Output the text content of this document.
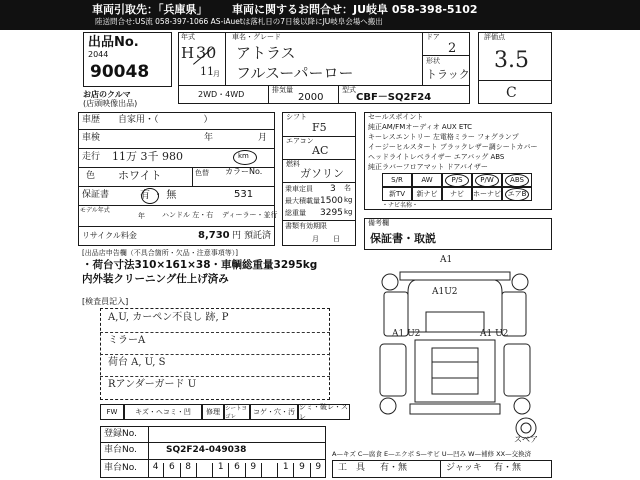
車両引取先：「兵庫県」 車両に関するお問合せ：JU岐阜 058-398-5102
陸送問合せ:US流 058-397-1066 AS-iAuetは落札日の7日後以降にJU岐阜会場へ搬出
出品No.
2044
90048
お店のクルマ
(店頭映像出品)
年式
H 30
11 月
車名・グレード
アトラス
フルスーパーロー
ドア
2
形状
トラック
2WD・4WD	排気量
2000
型式
CBF－SQ2F24
評価点
3.5
C
車歴 自家用・（　　　　　）
車検	年	月
走行 11万 3千 980	km
色 ホワイト	色替 カラーNo.
531
保証書	有 ・ 無
モデル年式
年 ハンドル 左・右 ディーラー・並行
リサイクル料金	8,730 円 預託済
シフト
F5
エアコン
AC
燃料
ガソリン
乗車定員 3 名
最大積載量 1500 kg
総重量 3295 kg
書類有効期限
月　　日
セールスポイント
純正AM/FMオーディオ AUX ETC
キーレスエントリー 左電格ミラー フォグランプ
イージーヒルスタート ブラックレザー調シートカバー
ヘッドライトレベライザー エアバッグ ABS
純正ラバーフロアマット ドアバイザー
S/R	AW	P/S	P/W	ABS
新TV	新ナビ	ナビ	ホーナビ エアB
・ナビ名称・
備考欄
保証書・取説
[出品店申告欄（不具合箇所・欠品・注意事項等）]
・荷台寸法310×161×38・車輌総重量3295kg
内外装クリーニング仕上げ済み
[検査員記入]
A,U, カーペン不良し 跡, P
ミラーA
荷台 A, U, S
Rアンダーガード U
FW	キズ・ヘコミ・凹	修理 シートヨゴレ
コゲ・穴・汚
シミ・破レ・スレ
A1
A1U2
A1 U2	A1 U2
スペア
登録No.
車台No.	SQ2F24-049038
車台No.	4	6	8	1	6	9	1	9	9
A—キズ C—腐食 E—エクボ S—サビ U—凹み W—補修 XX—交換済
工　具 有・無	ジャッキ 有・無
